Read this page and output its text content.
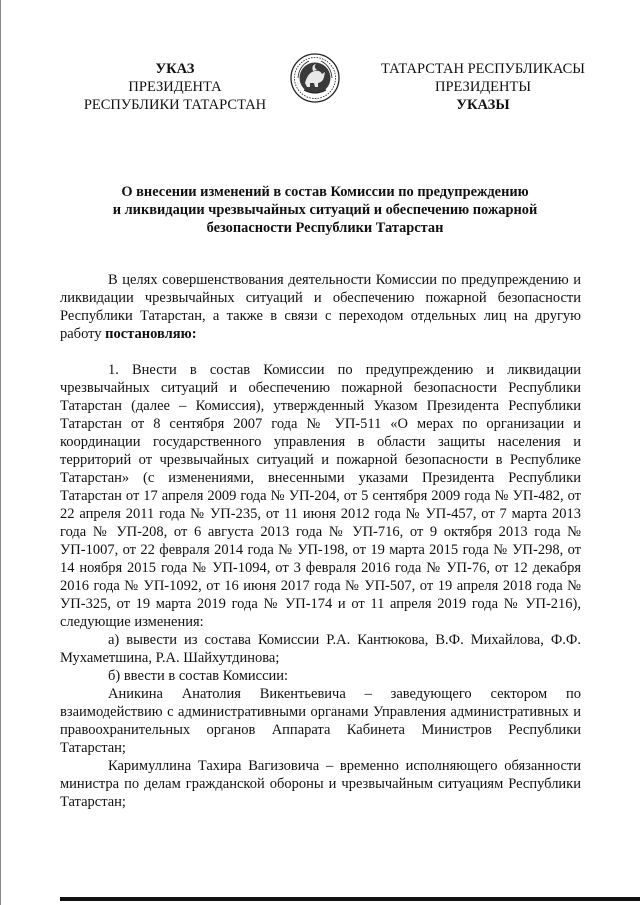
УКАЗ
ПРЕЗИДЕНТА
РЕСПУБЛИКИ ТАТАРСТАН
ТАТАРСТАН РЕСПУБЛИКАСЫ
ПРЕЗИДЕНТЫ
УКАЗЫ
О внесении изменений в состав Комиссии по предупреждению
и ликвидации чрезвычайных ситуаций и обеспечению пожарной
безопасности Республики Татарстан

В целях совершенствования деятельности Комиссии по предупреждению и ликвидации чрезвычайных ситуаций и обеспечению пожарной безопасности Республики Татарстан, а также в связи с переходом отдельных лиц на другую работу постановляю:

1. Внести в состав Комиссии по предупреждению и ликвидации чрезвычайных ситуаций и обеспечению пожарной безопасности Республики Татарстан (далее – Комиссия), утвержденный Указом Президента Республики Татарстан от 8 сентября 2007 года № УП-511 «О мерах по организации и координации государственного управления в области защиты населения и территорий от чрезвычайных ситуаций и пожарной безопасности в Республике Татарстан» (с изменениями, внесенными указами Президента Республики Татарстан от 17 апреля 2009 года № УП-204, от 5 сентября 2009 года № УП-482, от 22 апреля 2011 года № УП-235, от 11 июня 2012 года № УП-457, от 7 марта 2013 года № УП-208, от 6 августа 2013 года № УП-716, от 9 октября 2013 года № УП-1007, от 22 февраля 2014 года № УП-198, от 19 марта 2015 года № УП-298, от 14 ноября 2015 года № УП-1094, от 3 февраля 2016 года № УП-76, от 12 декабря 2016 года № УП-1092, от 16 июня 2017 года № УП-507, от 19 апреля 2018 года № УП-325, от 19 марта 2019 года № УП-174 и от 11 апреля 2019 года № УП-216), следующие изменения:

а) вывести из состава Комиссии Р.А. Кантюкова, В.Ф. Михайлова, Ф.Ф. Мухаметшина, Р.А. Шайхутдинова;

б) ввести в состав Комиссии:

Аникина Анатолия Викентьевича – заведующего сектором по взаимодействию с административными органами Управления административных и правоохранительных органов Аппарата Кабинета Министров Республики Татарстан;

Каримуллина Тахира Вагизовича – временно исполняющего обязанности министра по делам гражданской обороны и чрезвычайным ситуациям Республики Татарстан;
